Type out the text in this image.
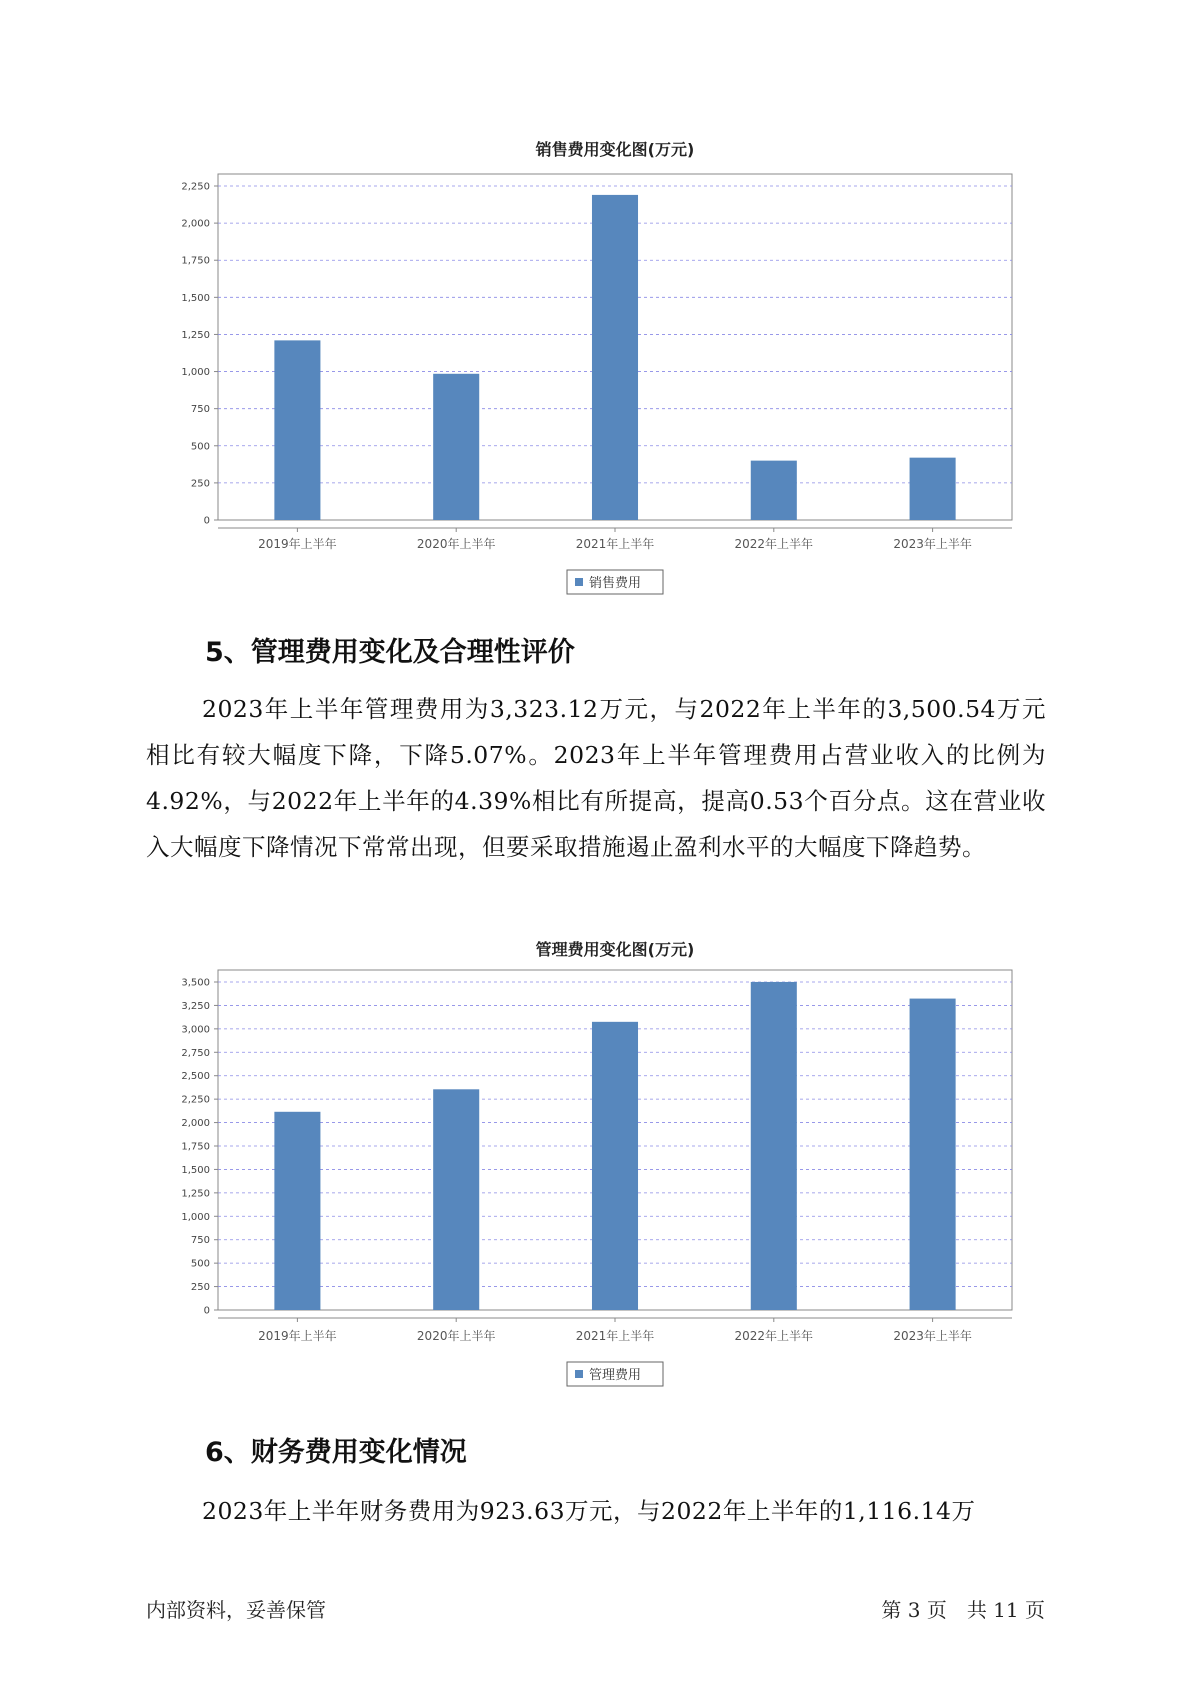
销售费用变化图(万元)
0
250
500
750
1,000
1,250
1,500
1,750
2,000
2,250
2019年上半年	2020年上半年	2021年上半年	2022年上半年	2023年上半年
销售费用
5、管理费用变化及合理性评价

2023年上半年管理费用为3,323.12万元，与2022年上半年的3,500.54万元相比有较大幅度下降，下降5.07%。2023年上半年管理费用占营业收入的比例为4.92%，与2022年上半年的4.39%相比有所提高，提高0.53个百分点。这在营业收入大幅度下降情况下常常出现，但要采取措施遏止盈利水平的大幅度下降趋势。

管理费用变化图(万元)
0
250
500
750
1,000
1,250
1,500
1,750
2,000
2,250
2,500
2,750
3,000
3,250
3,500
2019年上半年	2020年上半年	2021年上半年	2022年上半年	2023年上半年
管理费用
6、财务费用变化情况

2023年上半年财务费用为923.63万元，与2022年上半年的1,116.14万

内部资料，妥善保管	第 3 页　共 11 页
